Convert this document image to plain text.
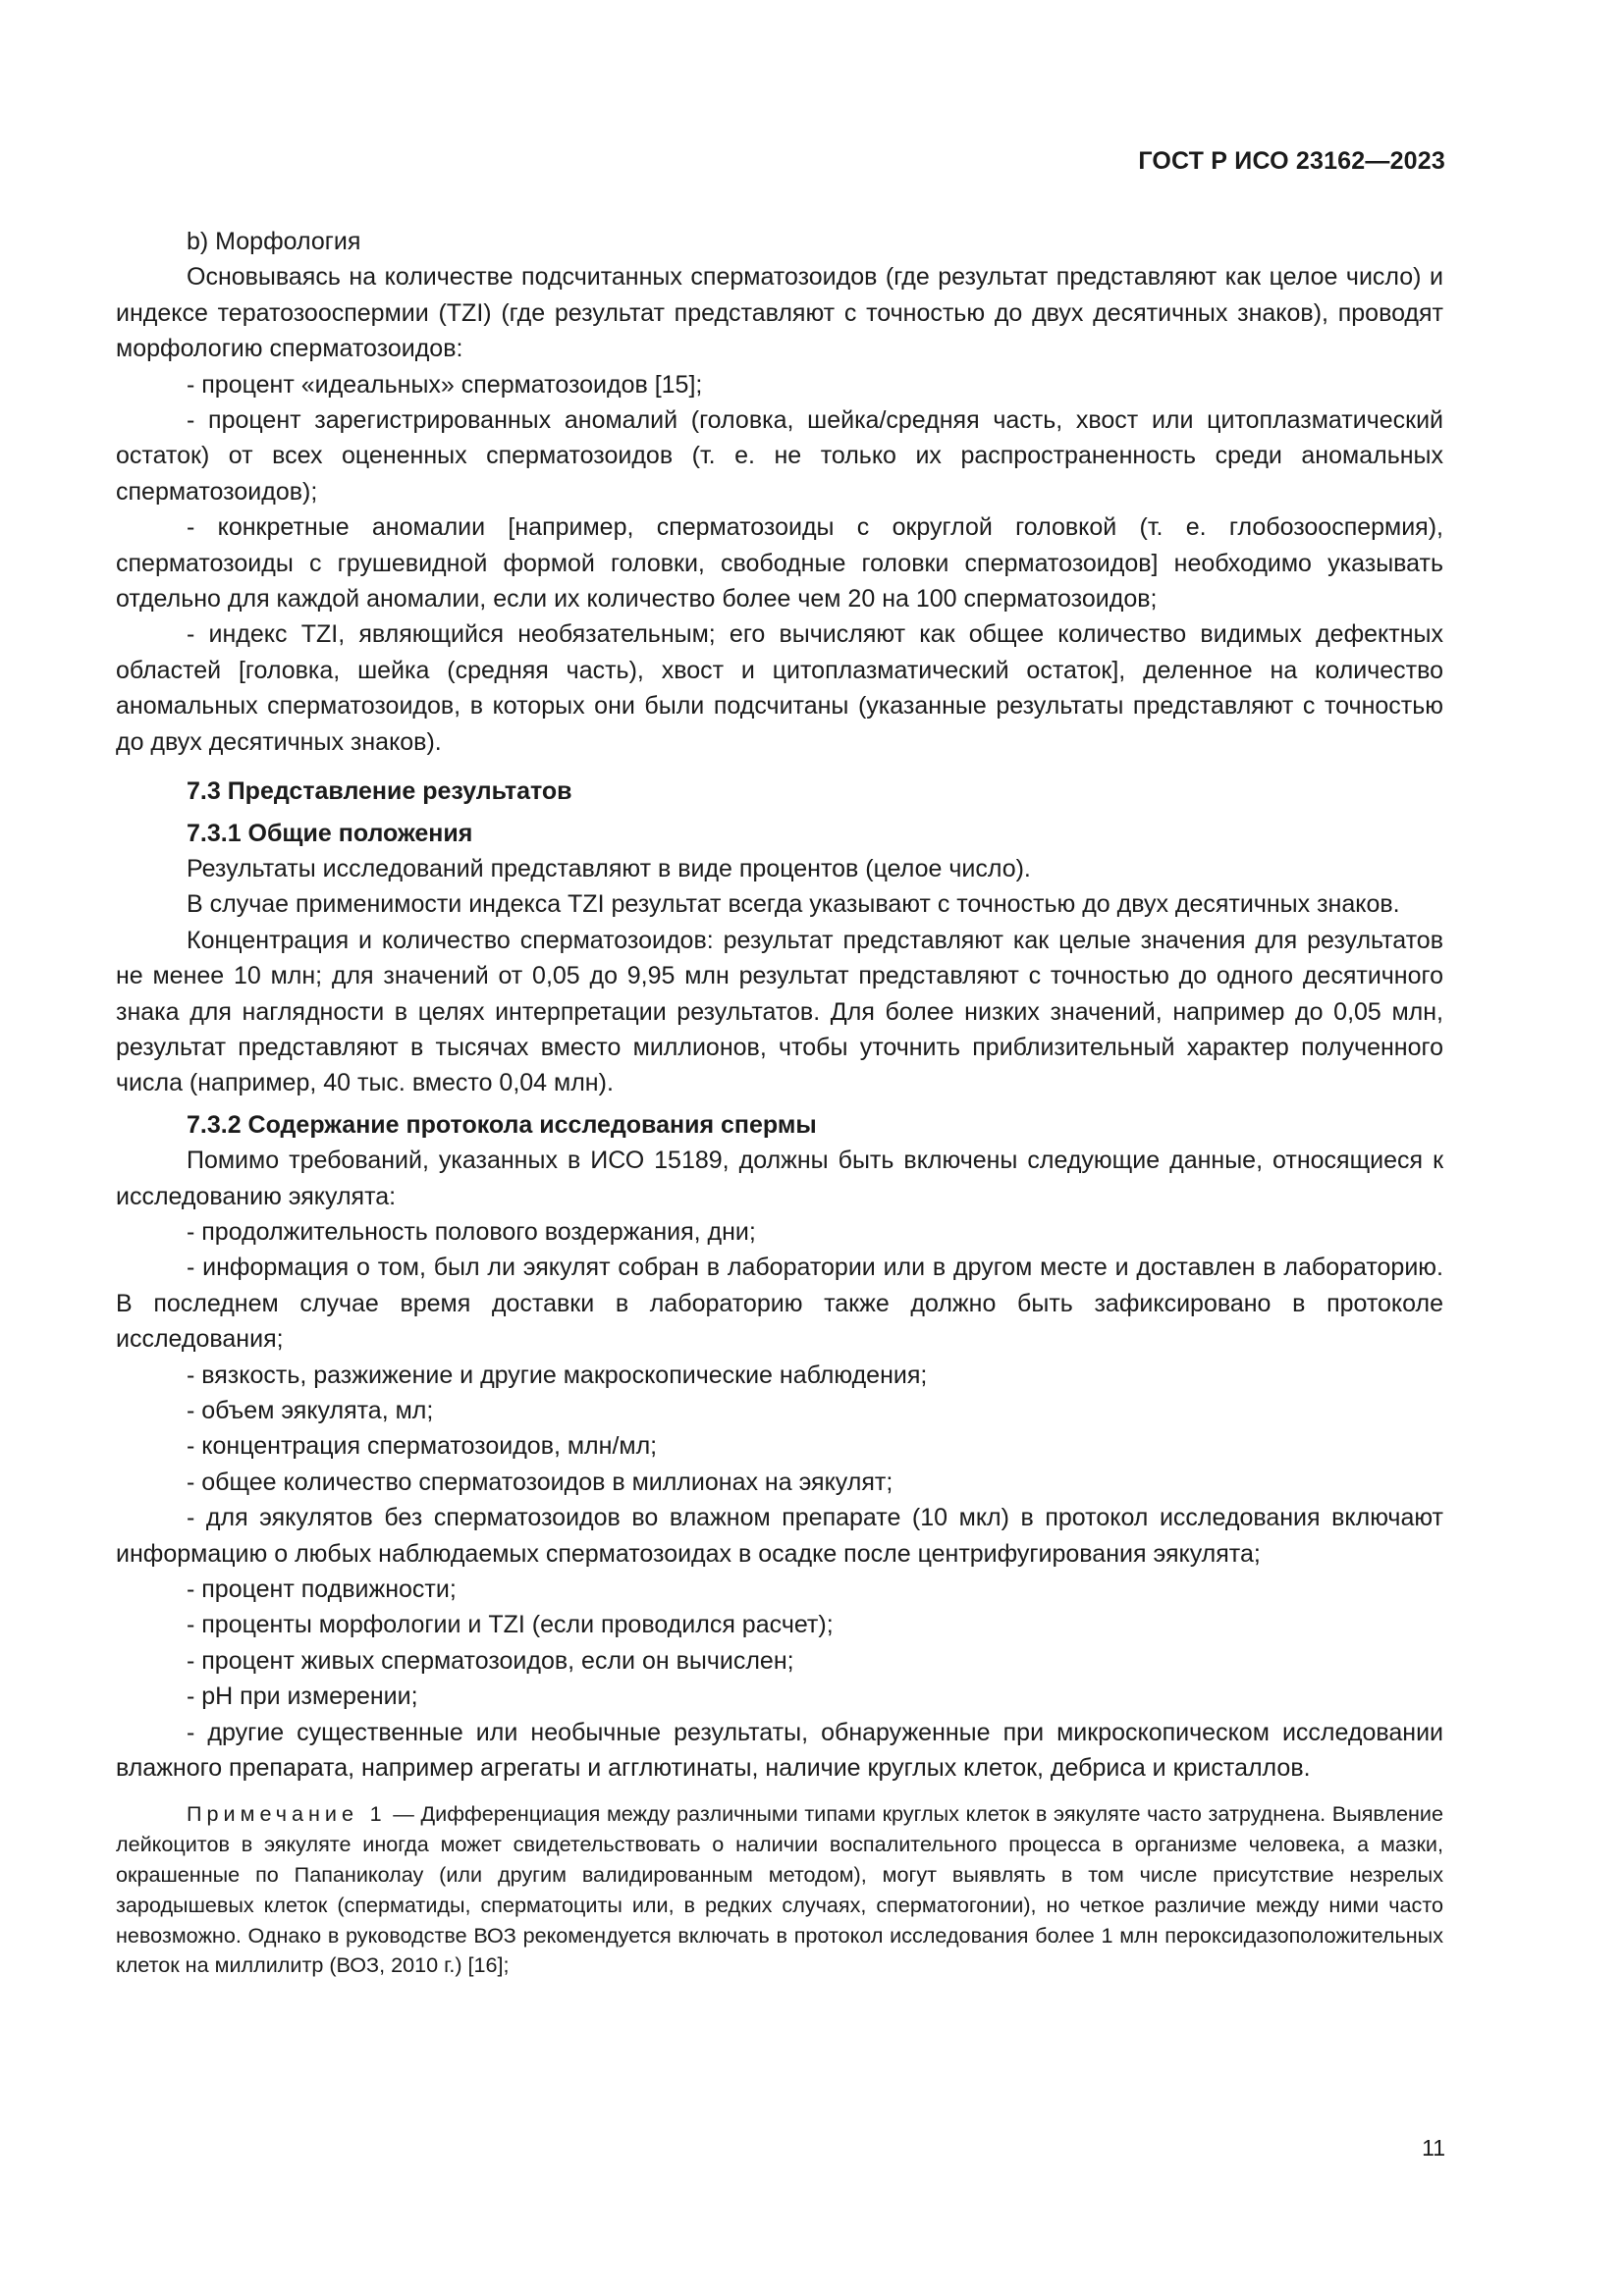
ГОСТ Р ИСО 23162—2023

b) Морфология

Основываясь на количестве подсчитанных сперматозоидов (где результат представляют как целое число) и индексе тератозооспермии (TZI) (где результат представляют с точностью до двух десятичных знаков), проводят морфологию сперматозоидов:

- процент «идеальных» сперматозоидов [15];

- процент зарегистрированных аномалий (головка, шейка/средняя часть, хвост или цитоплазматический остаток) от всех оцененных сперматозоидов (т. е. не только их распространенность среди аномальных сперматозоидов);

- конкретные аномалии [например, сперматозоиды с округлой головкой (т. е. глобозооспермия), сперматозоиды с грушевидной формой головки, свободные головки сперматозоидов] необходимо указывать отдельно для каждой аномалии, если их количество более чем 20 на 100 сперматозоидов;

- индекс TZI, являющийся необязательным; его вычисляют как общее количество видимых дефектных областей [головка, шейка (средняя часть), хвост и цитоплазматический остаток], деленное на количество аномальных сперматозоидов, в которых они были подсчитаны (указанные результаты представляют с точностью до двух десятичных знаков).

7.3 Представление результатов
7.3.1 Общие положения

Результаты исследований представляют в виде процентов (целое число).

В случае применимости индекса TZI результат всегда указывают с точностью до двух десятичных знаков.

Концентрация и количество сперматозоидов: результат представляют как целые значения для результатов не менее 10 млн; для значений от 0,05 до 9,95 млн результат представляют с точностью до одного десятичного знака для наглядности в целях интерпретации результатов. Для более низких значений, например до 0,05 млн, результат представляют в тысячах вместо миллионов, чтобы уточнить приблизительный характер полученного числа (например, 40 тыс. вместо 0,04 млн).

7.3.2 Содержание протокола исследования спермы

Помимо требований, указанных в ИСО 15189, должны быть включены следующие данные, относящиеся к исследованию эякулята:

- продолжительность полового воздержания, дни;

- информация о том, был ли эякулят собран в лаборатории или в другом месте и доставлен в лабораторию. В последнем случае время доставки в лабораторию также должно быть зафиксировано в протоколе исследования;

- вязкость, разжижение и другие макроскопические наблюдения;

- объем эякулята, мл;

- концентрация сперматозоидов, млн/мл;

- общее количество сперматозоидов в миллионах на эякулят;

- для эякулятов без сперматозоидов во влажном препарате (10 мкл) в протокол исследования включают информацию о любых наблюдаемых сперматозоидах в осадке после центрифугирования эякулята;

- процент подвижности;

- проценты морфологии и TZI (если проводился расчет);

- процент живых сперматозоидов, если он вычислен;

- pH при измерении;

- другие существенные или необычные результаты, обнаруженные при микроскопическом исследовании влажного препарата, например агрегаты и агглютинаты, наличие круглых клеток, дебриса и кристаллов.

Примечание 1 — Дифференциация между различными типами круглых клеток в эякуляте часто затруднена. Выявление лейкоцитов в эякуляте иногда может свидетельствовать о наличии воспалительного процесса в организме человека, а мазки, окрашенные по Папаниколау (или другим валидированным методом), могут выявлять в том числе присутствие незрелых зародышевых клеток (сперматиды, сперматоциты или, в редких случаях, сперматогонии), но четкое различие между ними часто невозможно. Однако в руководстве ВОЗ рекомендуется включать в протокол исследования более 1 млн пероксидазоположительных клеток на миллилитр (ВОЗ, 2010 г.) [16];
11
